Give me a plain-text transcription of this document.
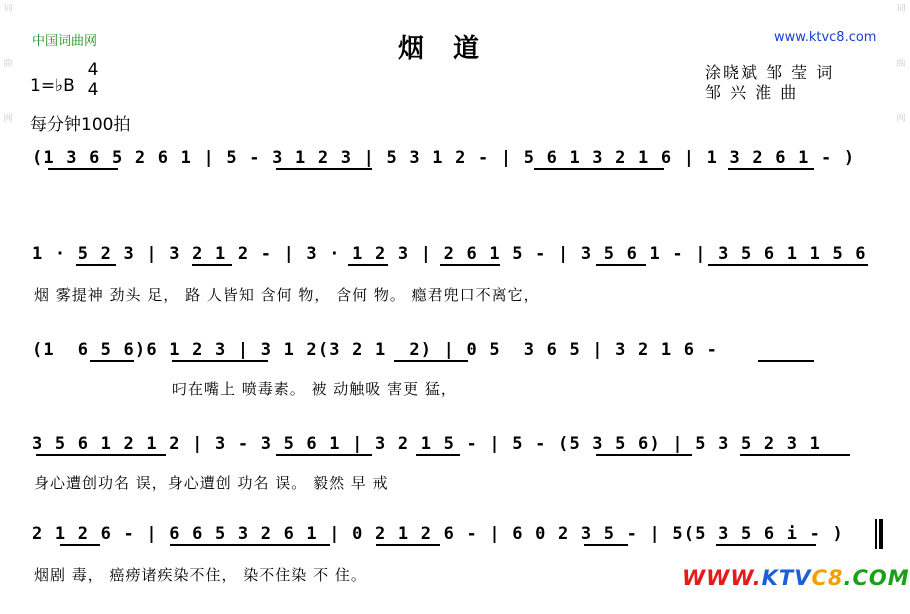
中国词曲网	烟 道	www.ktvc8.com
1=♭B
4
4
每分钟100拍
涂晓斌 邹 莹 词
邹 兴 淮 曲
词
曲
网
词
曲
网
(1 3 6 5 2 6 1 | 5 - 3 1 2 3 | 5 3 1 2 - | 5 6 1 3 2 1 6 | 1 3 2 6 1 - )
1 · 5 2 3 | 3 2 1 2 - | 3 · 1 2 3 | 2 6 1 5 - | 3 5 6 1 - | 3 5 6 1 1 5 6
烟 雾提神 劲头 足， 路 人皆知 含何 物， 含何 物。 瘾君兜口不离它，
(1  6 5 6)6 1 2 3 | 3 1 2(3 2 1  2) | 0 5  3 6 5 | 3 2 1 6 -
叼在嘴上 喷毒素。 被 动触吸 害更 猛，
3 5 6 1 2 1 2 | 3 - 3 5 6 1 | 3 2 1 5 - | 5 - (5 3 5 6) | 5 3 5 2 3 1
身心遭创功名 误，身心遭创 功名 误。 毅然 早 戒
2 1 2 6 - | 6 6 5 3 2 6 1 | 0 2 1 2 6 - | 6 0 2 3 5 - | 5(5 3 5 6 i - )
烟剧 毒， 癌痨诸疾染不住， 染不住染 不 住。	WWW.KTVC8.COM
